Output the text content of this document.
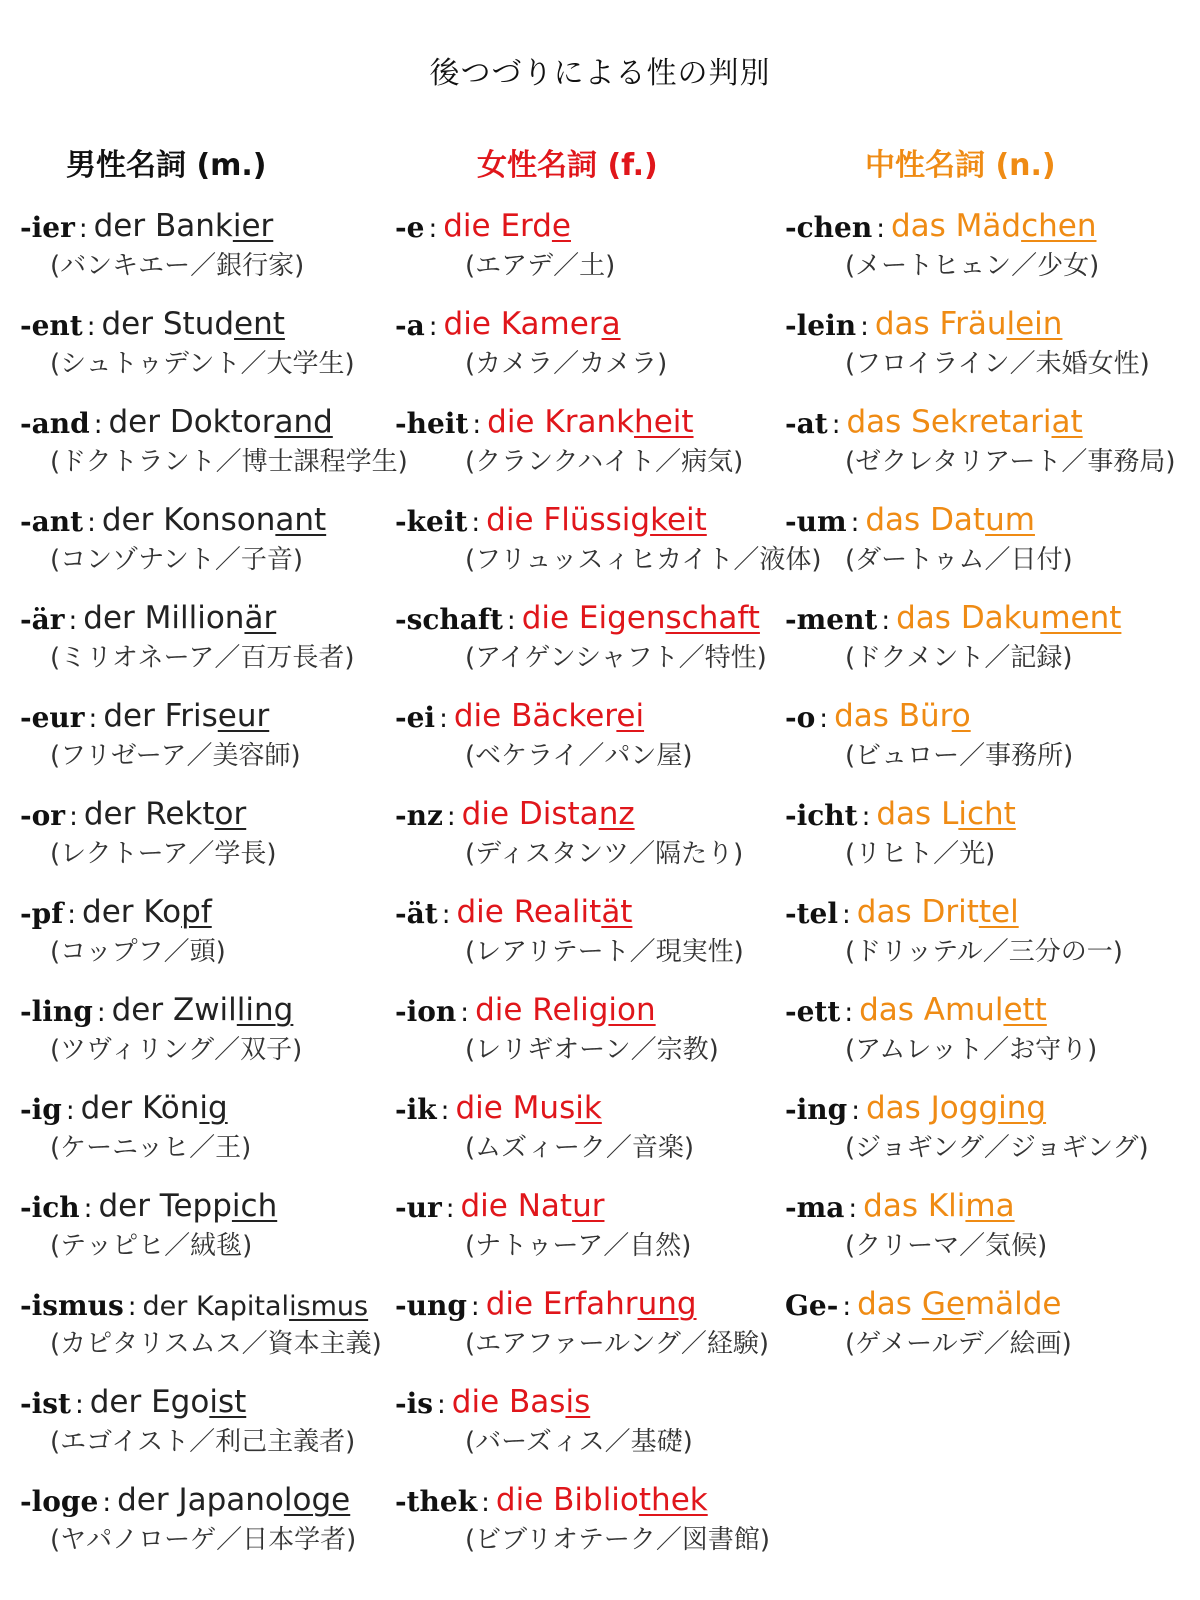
後つづりによる性の判別
男性名詞 (m.)
-ier : der Bankier
(バンキエー／銀行家)
-ent : der Student
(シュトゥデント／大学生)
-and : der Doktorand
(ドクトラント／博士課程学生)
-ant : der Konsonant
(コンゾナント／子音)
-är : der Millionär
(ミリオネーア／百万長者)
-eur : der Friseur
(フリゼーア／美容師)
-or : der Rektor
(レクトーア／学長)
-pf : der Kopf
(コップフ／頭)
-ling : der Zwilling
(ツヴィリング／双子)
-ig : der König
(ケーニッヒ／王)
-ich : der Teppich
(テッピヒ／絨毯)
-ismus : der Kapitalismus
(カピタリスムス／資本主義)
-ist : der Egoist
(エゴイスト／利己主義者)
-loge : der Japanologe
(ヤパノローゲ／日本学者)
女性名詞 (f.)
-e : die Erde
(エアデ／土)
-a : die Kamera
(カメラ／カメラ)
-heit : die Krankheit
(クランクハイト／病気)
-keit : die Flüssigkeit
(フリュッスィヒカイト／液体)
-schaft : die Eigenschaft
(アイゲンシャフト／特性)
-ei : die Bäckerei
(ベケライ／パン屋)
-nz : die Distanz
(ディスタンツ／隔たり)
-ät : die Realität
(レアリテート／現実性)
-ion : die Religion
(レリギオーン／宗教)
-ik : die Musik
(ムズィーク／音楽)
-ur : die Natur
(ナトゥーア／自然)
-ung : die Erfahrung
(エアファールング／経験)
-is : die Basis
(バーズィス／基礎)
-thek : die Bibliothek
(ビブリオテーク／図書館)
中性名詞 (n.)
-chen : das Mädchen
(メートヒェン／少女)
-lein : das Fräulein
(フロイライン／未婚女性)
-at : das Sekretariat
(ゼクレタリアート／事務局)
-um : das Datum
(ダートゥム／日付)
-ment : das Dakument
(ドクメント／記録)
-o : das Büro
(ビュロー／事務所)
-icht : das Licht
(リヒト／光)
-tel : das Drittel
(ドリッテル／三分の一)
-ett : das Amulett
(アムレット／お守り)
-ing : das Jogging
(ジョギング／ジョギング)
-ma : das Klima
(クリーマ／気候)
Ge- : das Gemälde
(ゲメールデ／絵画)
